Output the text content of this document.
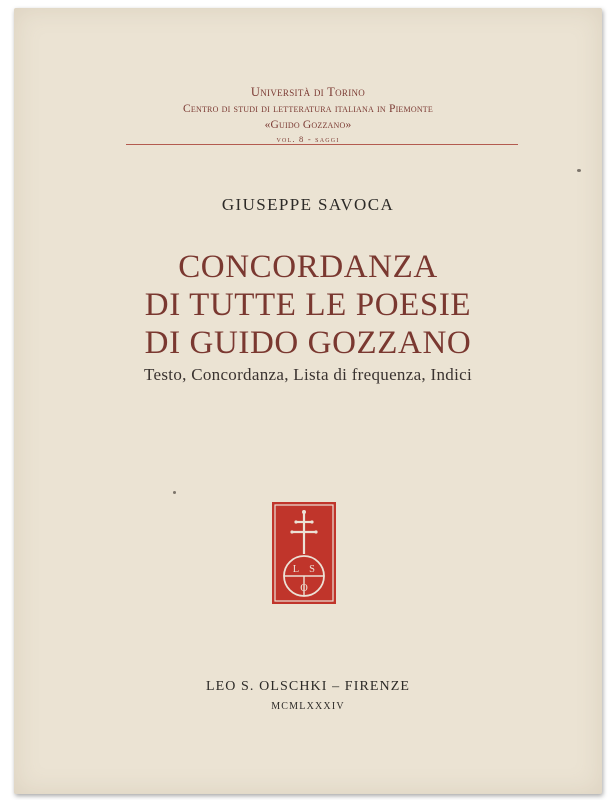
Università di Torino
Centro di studi di letteratura italiana in Piemonte
«Guido Gozzano»
vol. 8 - saggi
GIUSEPPE SAVOCA
CONCORDANZA
DI TUTTE LE POESIE
DI GUIDO GOZZANO
Testo, Concordanza, Lista di frequenza, Indici
L S
O
LEO S. OLSCHKI – FIRENZE
MCMLXXXIV
